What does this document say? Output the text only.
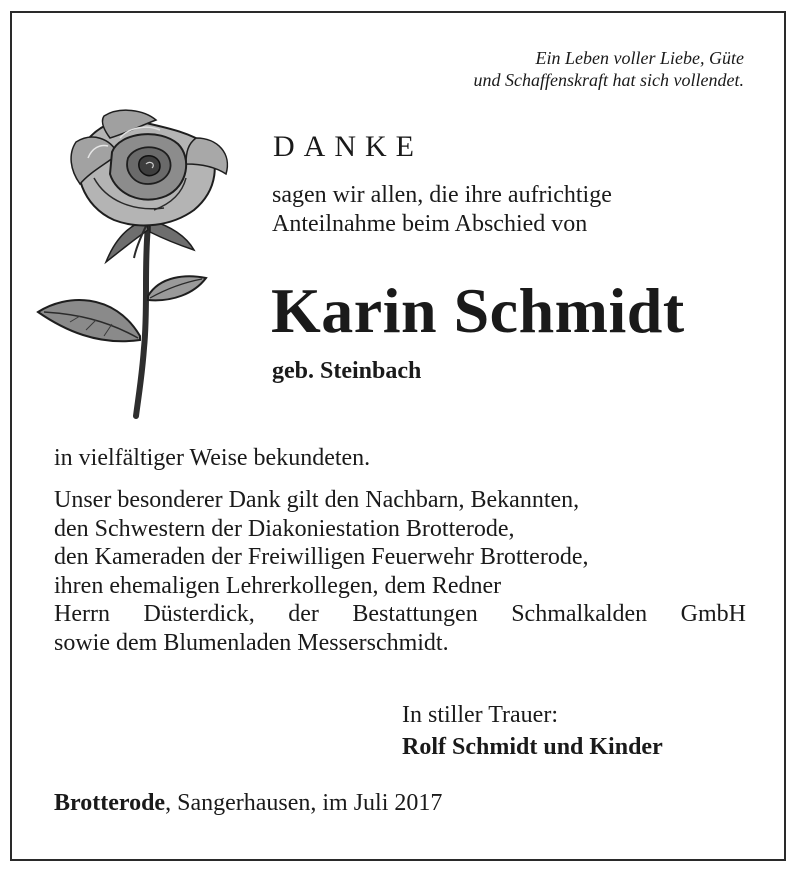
Ein Leben voller Liebe, Güte
und Schaffenskraft hat sich vollendet.
DANKE
sagen wir allen, die ihre aufrichtige
Anteilnahme beim Abschied von
Karin Schmidt
geb. Steinbach
in vielfältiger Weise bekundeten.
Unser besonderer Dank gilt den Nachbarn, Bekannten,
den Schwestern der Diakoniestation Brotterode,
den Kameraden der Freiwilligen Feuerwehr Brotterode,
ihren ehemaligen Lehrerkollegen, dem Redner
Herrn Düsterdick, der Bestattungen Schmalkalden GmbH
sowie dem Blumenladen Messerschmidt.
In stiller Trauer:
Rolf Schmidt und Kinder
Brotterode, Sangerhausen, im Juli 2017
